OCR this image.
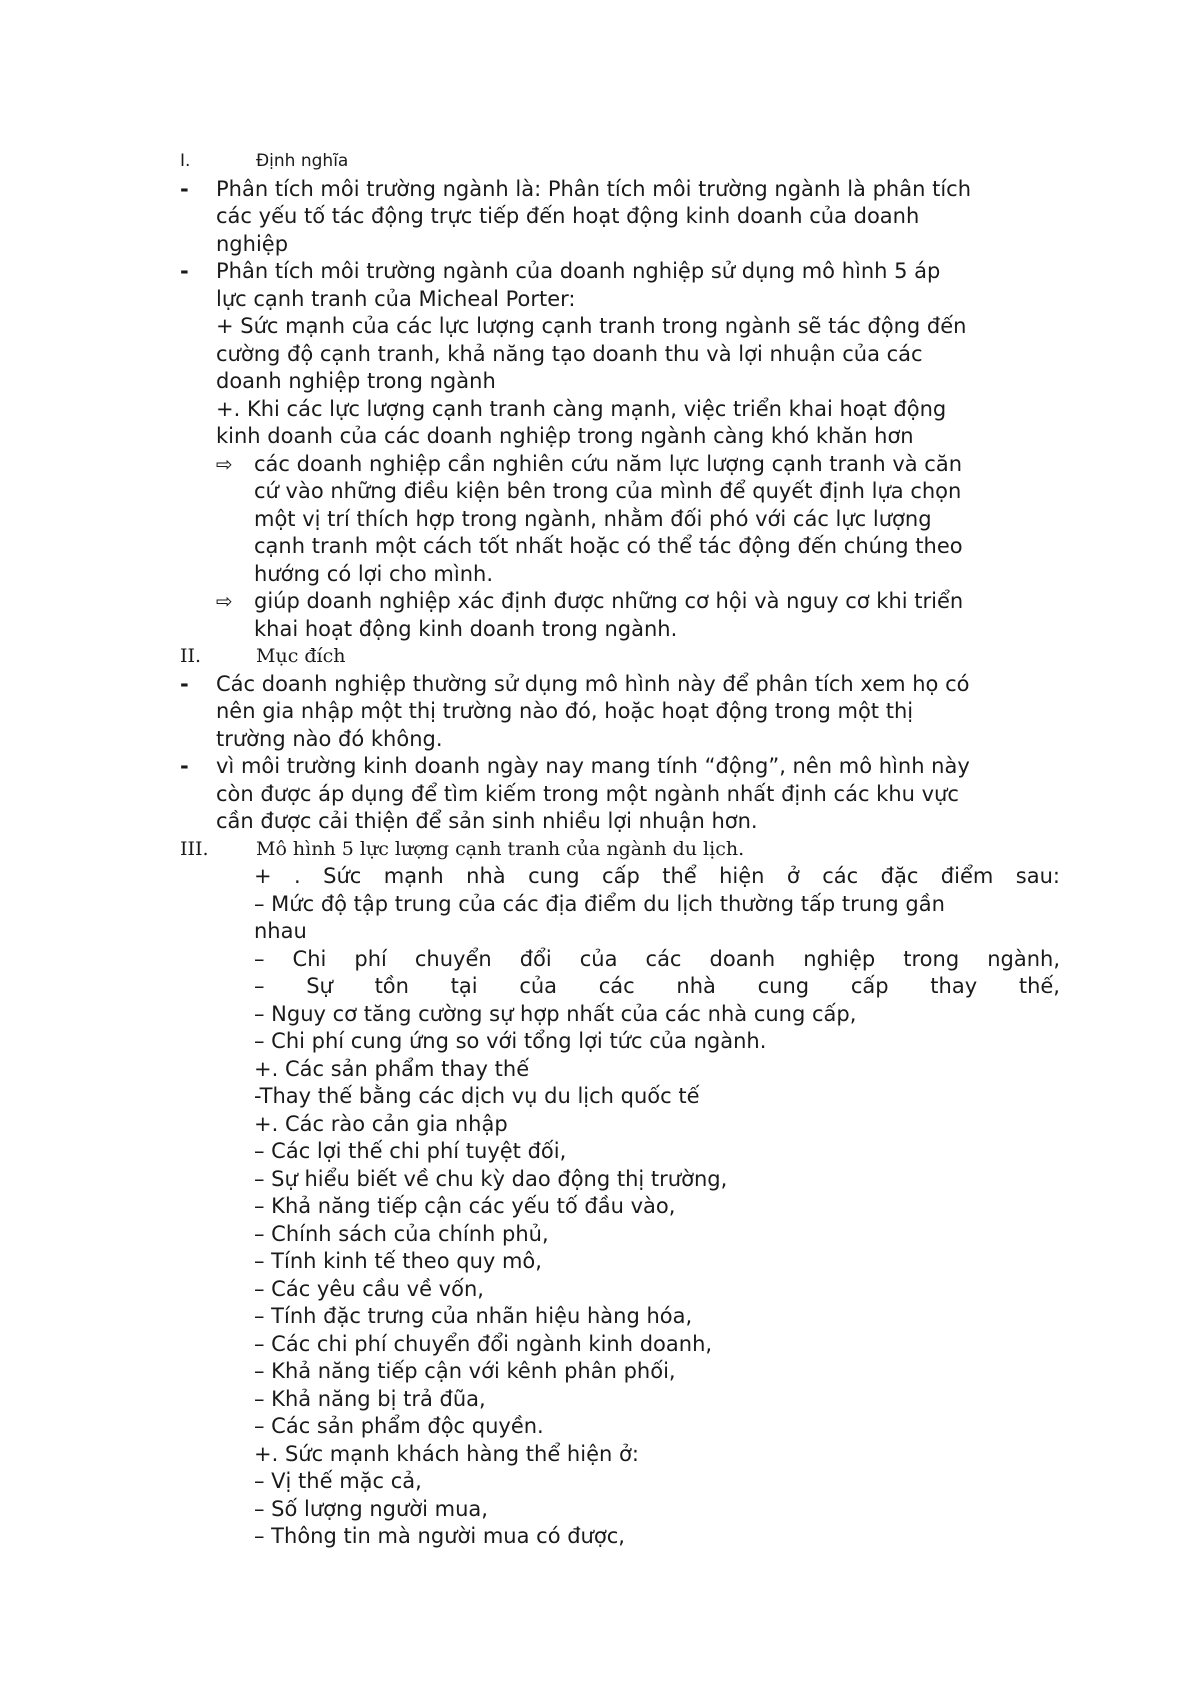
I.	Định nghĩa
- Phân tích môi trường ngành là: Phân tích môi trường ngành là phân tích
các yếu tố tác động trực tiếp đến hoạt động kinh doanh của doanh
nghiệp
- Phân tích môi trường ngành của doanh nghiệp sử dụng mô hình 5 áp
lực cạnh tranh của Micheal Porter:
+ Sức mạnh của các lực lượng cạnh tranh trong ngành sẽ tác động đến
cường độ cạnh tranh, khả năng tạo doanh thu và lợi nhuận của các
doanh nghiệp trong ngành
+. Khi các lực lượng cạnh tranh càng mạnh, việc triển khai hoạt động
kinh doanh của các doanh nghiệp trong ngành càng khó khăn hơn
⇨ các doanh nghiệp cần nghiên cứu năm lực lượng cạnh tranh và căn
cứ vào những điều kiện bên trong của mình để quyết định lựa chọn
một vị trí thích hợp trong ngành, nhằm đối phó với các lực lượng
cạnh tranh một cách tốt nhất hoặc có thể tác động đến chúng theo
hướng có lợi cho mình.
⇨ giúp doanh nghiệp xác định được những cơ hội và nguy cơ khi triển
khai hoạt động kinh doanh trong ngành.
II.	Mục đích
- Các doanh nghiệp thường sử dụng mô hình này để phân tích xem họ có
nên gia nhập một thị trường nào đó, hoặc hoạt động trong một thị
trường nào đó không.
- vì môi trường kinh doanh ngày nay mang tính “động”, nên mô hình này
còn được áp dụng để tìm kiếm trong một ngành nhất định các khu vực
cần được cải thiện để sản sinh nhiều lợi nhuận hơn.
III. Mô hình 5 lực lượng cạnh tranh của ngành du lịch.
+ . Sức mạnh nhà cung cấp thể hiện ở các đặc điểm sau:
– Mức độ tập trung của các địa điểm du lịch thường tấp trung gần
nhau
– Chi phí chuyển đổi của các doanh nghiệp trong ngành,
– Sự tồn tại của các nhà cung cấp thay thế,
– Nguy cơ tăng cường sự hợp nhất của các nhà cung cấp,
– Chi phí cung ứng so với tổng lợi tức của ngành.
+. Các sản phẩm thay thế
-Thay thế bằng các dịch vụ du lịch quốc tế
+. Các rào cản gia nhập
– Các lợi thế chi phí tuyệt đối,
– Sự hiểu biết về chu kỳ dao động thị trường,
– Khả năng tiếp cận các yếu tố đầu vào,
– Chính sách của chính phủ,
– Tính kinh tế theo quy mô,
– Các yêu cầu về vốn,
– Tính đặc trưng của nhãn hiệu hàng hóa,
– Các chi phí chuyển đổi ngành kinh doanh,
– Khả năng tiếp cận với kênh phân phối,
– Khả năng bị trả đũa,
– Các sản phẩm độc quyền.
+. Sức mạnh khách hàng thể hiện ở:
– Vị thế mặc cả,
– Số lượng người mua,
– Thông tin mà người mua có được,
